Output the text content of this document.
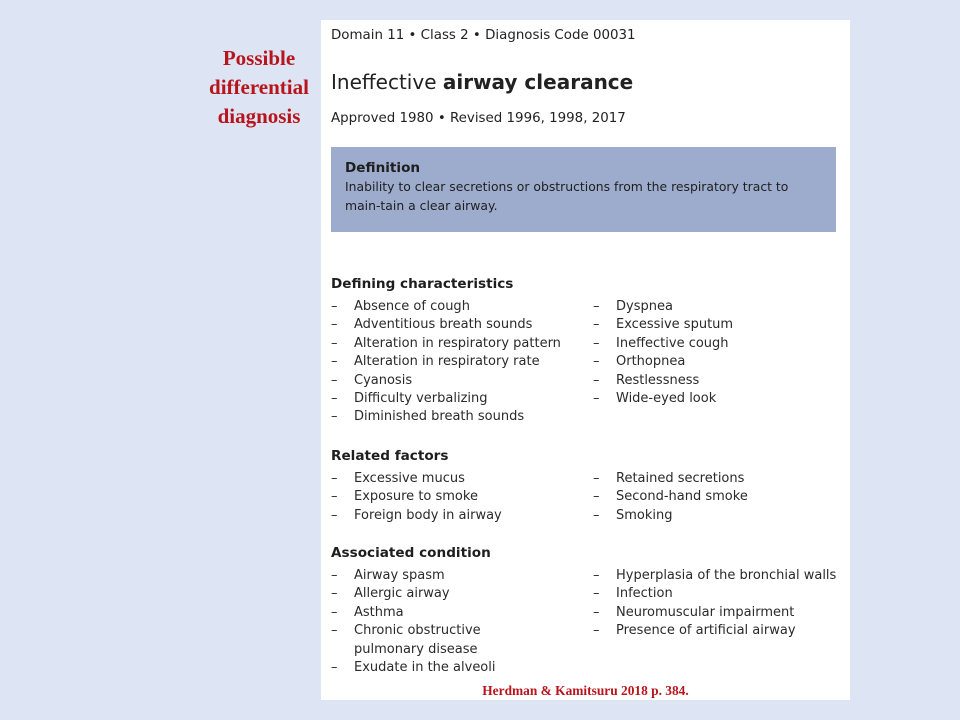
Possible
differential
diagnosis
Domain 11 • Class 2 • Diagnosis Code 00031
Ineffective airway clearance
Approved 1980 • Revised 1996, 1998, 2017
Definition
Inability to clear secretions or obstructions from the respiratory tract to main-tain a clear airway.
Defining characteristics
– Absence of cough
– Adventitious breath sounds
– Alteration in respiratory pattern
– Alteration in respiratory rate
– Cyanosis
– Difficulty verbalizing
– Diminished breath sounds
– Dyspnea
– Excessive sputum
– Ineffective cough
– Orthopnea
– Restlessness
– Wide-eyed look
Related factors
– Excessive mucus
– Exposure to smoke
– Foreign body in airway
– Retained secretions
– Second-hand smoke
– Smoking
Associated condition
– Airway spasm
– Allergic airway
– Asthma
– Chronic obstructive pulmonary disease
– Exudate in the alveoli
– Hyperplasia of the bronchial walls
– Infection
– Neuromuscular impairment
– Presence of artificial airway
Herdman & Kamitsuru 2018 p. 384.
